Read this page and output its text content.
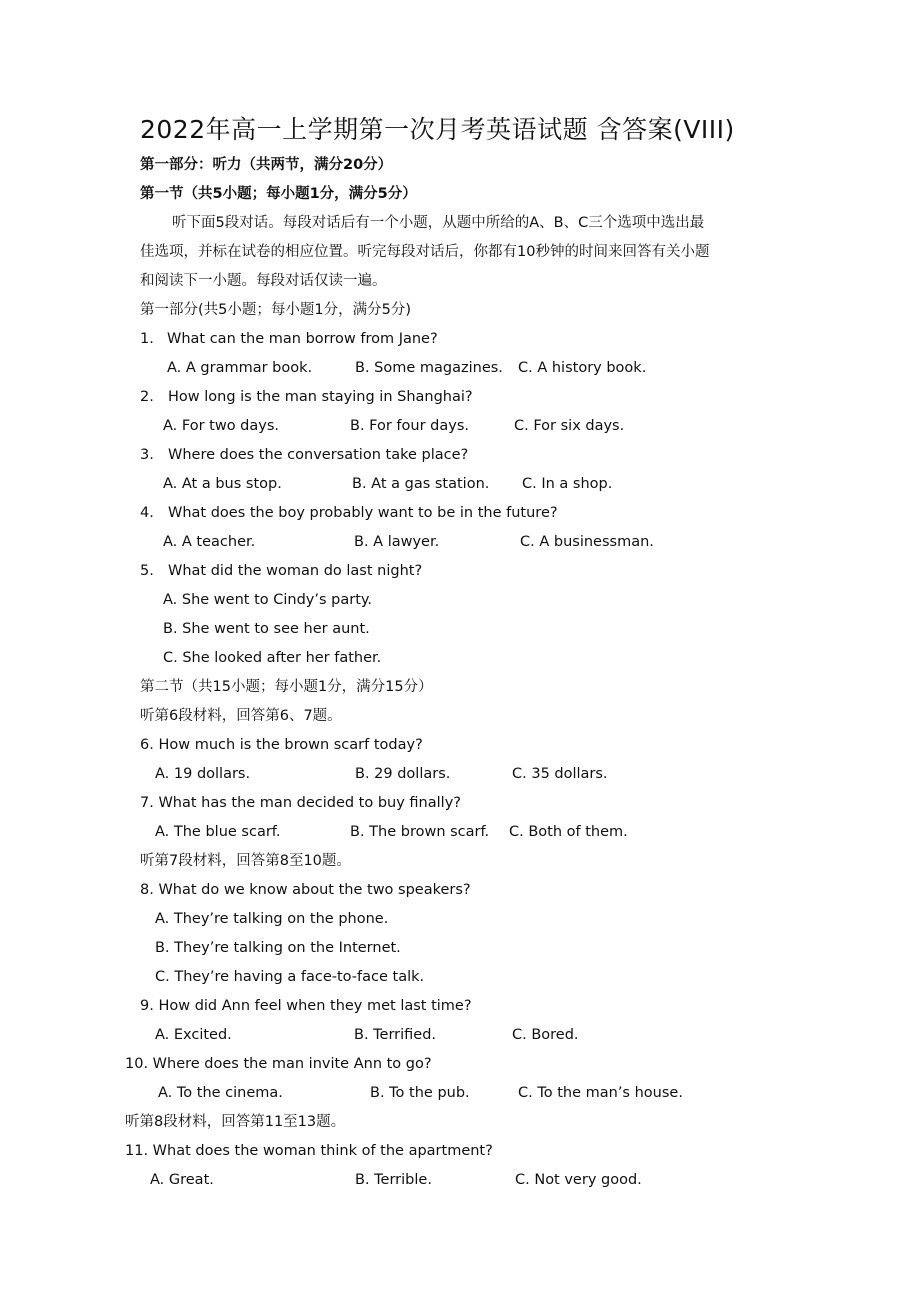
2022年高一上学期第一次月考英语试题 含答案(VIII)
第一部分：听力（共两节，满分20分）
第一节（共5小题；每小题1分，满分5分）
听下面5段对话。每段对话后有一个小题，从题中所给的A、B、C三个选项中选出最
佳选项，并标在试卷的相应位置。听完每段对话后，你都有10秒钟的时间来回答有关小题
和阅读下一小题。每段对话仅读一遍。
第一部分(共5小题；每小题1分，满分5分)
1. What can the man borrow from Jane?
A. A grammar book.	B. Some magazines. C. A history book.
2. How long is the man staying in Shanghai?
A. For two days.	B. For four days.	C. For six days.
3. Where does the conversation take place?
A. At a bus stop.	B. At a gas station. C. In a shop.
4. What does the boy probably want to be in the future?
A. A teacher.	B. A lawyer.	C. A businessman.
5. What did the woman do last night?
A. She went to Cindy’s party.
B. She went to see her aunt.
C. She looked after her father.
第二节（共15小题；每小题1分，满分15分）
听第6段材料，回答第6、7题。
6. How much is the brown scarf today?
A. 19 dollars.	B. 29 dollars.	C. 35 dollars.
7. What has the man decided to buy finally?
A. The blue scarf.	B. The brown scarf. C. Both of them.
听第7段材料，回答第8至10题。
8. What do we know about the two speakers?
A. They’re talking on the phone.
B. They’re talking on the Internet.
C. They’re having a face-to-face talk.
9. How did Ann feel when they met last time?
A. Excited.	B. Terrified.	C. Bored.
10. Where does the man invite Ann to go?
A. To the cinema.	B. To the pub.	C. To the man’s house.
听第8段材料，回答第11至13题。
11. What does the woman think of the apartment?
A. Great.	B. Terrible.	C. Not very good.
